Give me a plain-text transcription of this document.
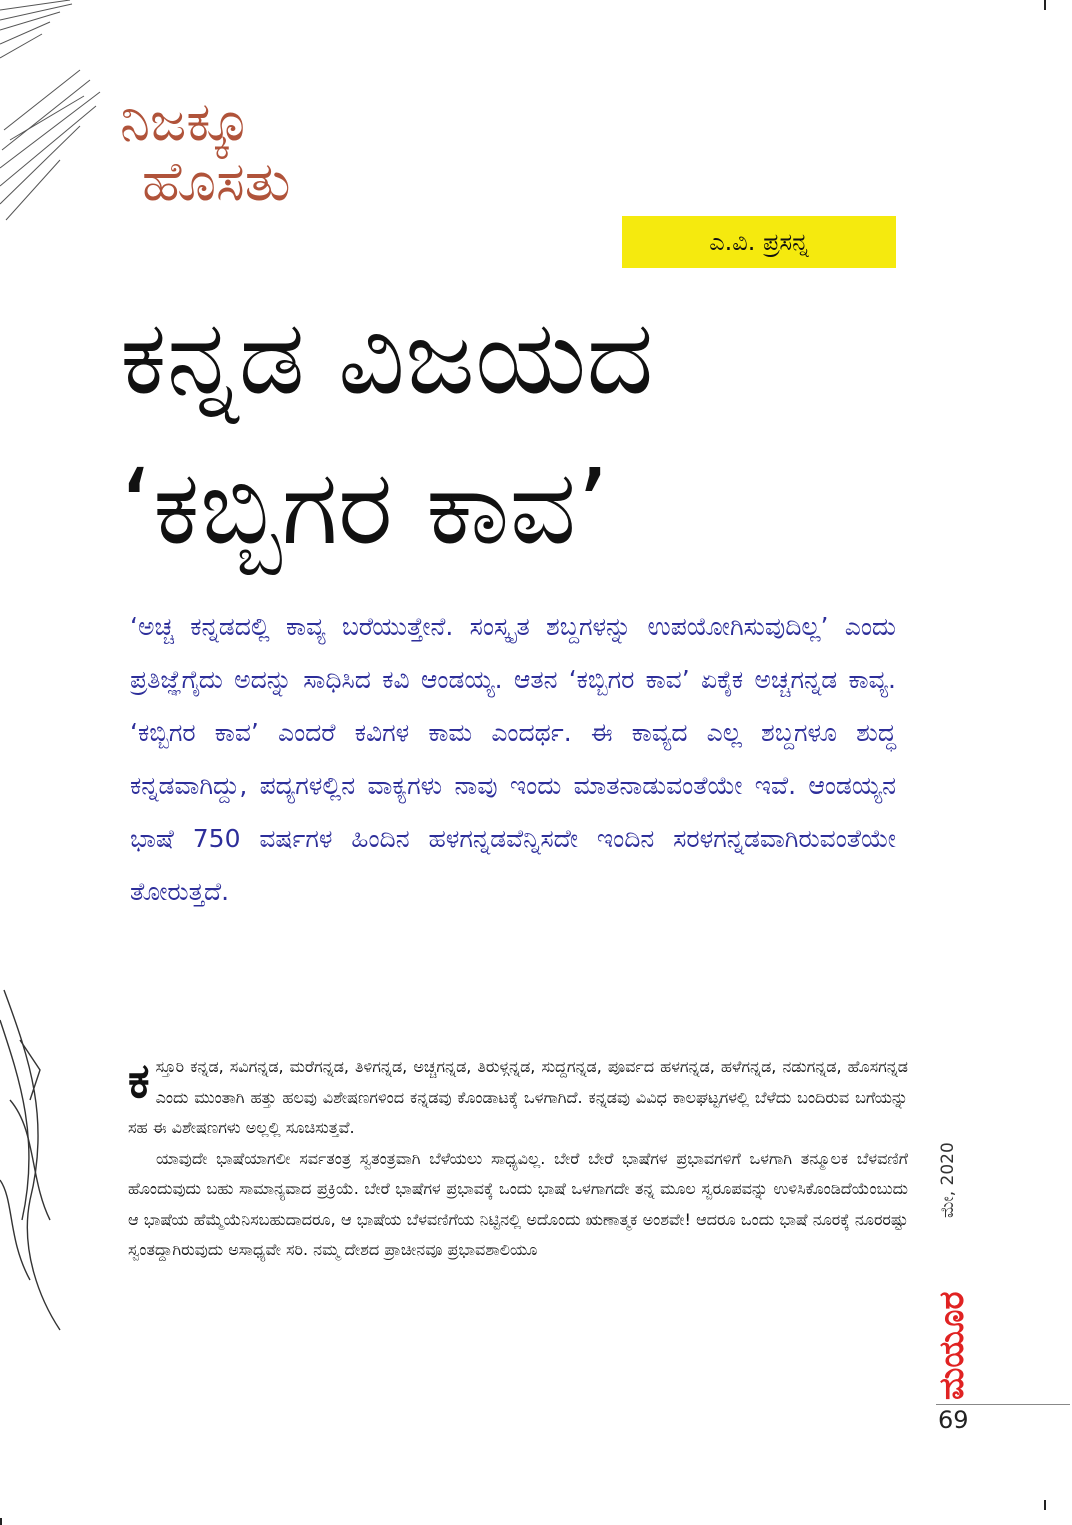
ನಿಜಕ್ಕೂ
ಹೊಸತು
ಎ.ವಿ. ಪ್ರಸನ್ನ
ಕನ್ನಡ ವಿಜಯದ
‘ಕಬ್ಬಿಗರ ಕಾವ’

‘ಅಚ್ಚ ಕನ್ನಡದಲ್ಲಿ ಕಾವ್ಯ ಬರೆಯುತ್ತೇನೆ. ಸಂಸ್ಕೃತ ಶಬ್ದಗಳನ್ನು ಉಪಯೋಗಿಸುವುದಿಲ್ಲ’ ಎಂದು ಪ್ರತಿಜ್ಞೆಗೈದು ಅದನ್ನು ಸಾಧಿಸಿದ ಕವಿ ಆಂಡಯ್ಯ. ಆತನ ‘ಕಬ್ಬಿಗರ ಕಾವ’ ಏಕೈಕ ಅಚ್ಚಗನ್ನಡ ಕಾವ್ಯ. ‘ಕಬ್ಬಿಗರ ಕಾವ’ ಎಂದರೆ ಕವಿಗಳ ಕಾಮ ಎಂದರ್ಥ. ಈ ಕಾವ್ಯದ ಎಲ್ಲ ಶಬ್ದಗಳೂ ಶುದ್ಧ ಕನ್ನಡವಾಗಿದ್ದು, ಪದ್ಯಗಳಲ್ಲಿನ ವಾಕ್ಯಗಳು ನಾವು ಇಂದು ಮಾತನಾಡುವಂತೆಯೇ ಇವೆ. ಆಂಡಯ್ಯನ ಭಾಷೆ 750 ವರ್ಷಗಳ ಹಿಂದಿನ ಹಳಗನ್ನಡವೆನ್ನಿಸದೇ ಇಂದಿನ ಸರಳಗನ್ನಡವಾಗಿರುವಂತೆಯೇ ತೋರುತ್ತದೆ.

ಕಸ್ತೂರಿ ಕನ್ನಡ, ಸವಿಗನ್ನಡ, ಮರೆಗನ್ನಡ, ತಿಳಿಗನ್ನಡ, ಅಚ್ಚಗನ್ನಡ, ತಿರುಳ್ಗನ್ನಡ, ಸುದ್ದಗನ್ನಡ, ಪೂರ್ವದ ಹಳಗನ್ನಡ, ಹಳೆಗನ್ನಡ, ನಡುಗನ್ನಡ, ಹೊಸಗನ್ನಡ ಎಂದು ಮುಂತಾಗಿ ಹತ್ತು ಹಲವು ವಿಶೇಷಣಗಳಿಂದ ಕನ್ನಡವು ಕೊಂಡಾಟಕ್ಕೆ ಒಳಗಾಗಿದೆ. ಕನ್ನಡವು ವಿವಿಧ ಕಾಲಘಟ್ಟಗಳಲ್ಲಿ ಬೆಳೆದು ಬಂದಿರುವ ಬಗೆಯನ್ನು ಸಹ ಈ ವಿಶೇಷಣಗಳು ಅಲ್ಲಲ್ಲಿ ಸೂಚಿಸುತ್ತವೆ.

ಯಾವುದೇ ಭಾಷೆಯಾಗಲೀ ಸರ್ವತಂತ್ರ ಸ್ವತಂತ್ರವಾಗಿ ಬೆಳೆಯಲು ಸಾಧ್ಯವಿಲ್ಲ. ಬೇರೆ ಬೇರೆ ಭಾಷೆಗಳ ಪ್ರಭಾವಗಳಿಗೆ ಒಳಗಾಗಿ ತನ್ಮೂಲಕ ಬೆಳವಣಿಗೆ ಹೊಂದುವುದು ಬಹು ಸಾಮಾನ್ಯವಾದ ಪ್ರಕ್ರಿಯೆ. ಬೇರೆ ಭಾಷೆಗಳ ಪ್ರಭಾವಕ್ಕೆ ಒಂದು ಭಾಷೆ ಒಳಗಾಗದೇ ತನ್ನ ಮೂಲ ಸ್ವರೂಪವನ್ನು ಉಳಿಸಿಕೊಂಡಿದೆಯೆಂಬುದು ಆ ಭಾಷೆಯ ಹೆಮ್ಮೆಯೆನಿಸಬಹುದಾದರೂ, ಆ ಭಾಷೆಯ ಬೆಳವಣಿಗೆಯ ನಿಟ್ಟಿನಲ್ಲಿ ಅದೊಂದು ಋಣಾತ್ಮಕ ಅಂಶವೇ! ಆದರೂ ಒಂದು ಭಾಷೆ ನೂರಕ್ಕೆ ನೂರರಷ್ಟು ಸ್ವಂತದ್ದಾಗಿರುವುದು ಅಸಾಧ್ಯವೇ ಸರಿ. ನಮ್ಮ ದೇಶದ ಪ್ರಾಚೀನವೂ ಪ್ರಭಾವಶಾಲಿಯೂ

ಮೇ, 2020
ಮಯೂರ
69
